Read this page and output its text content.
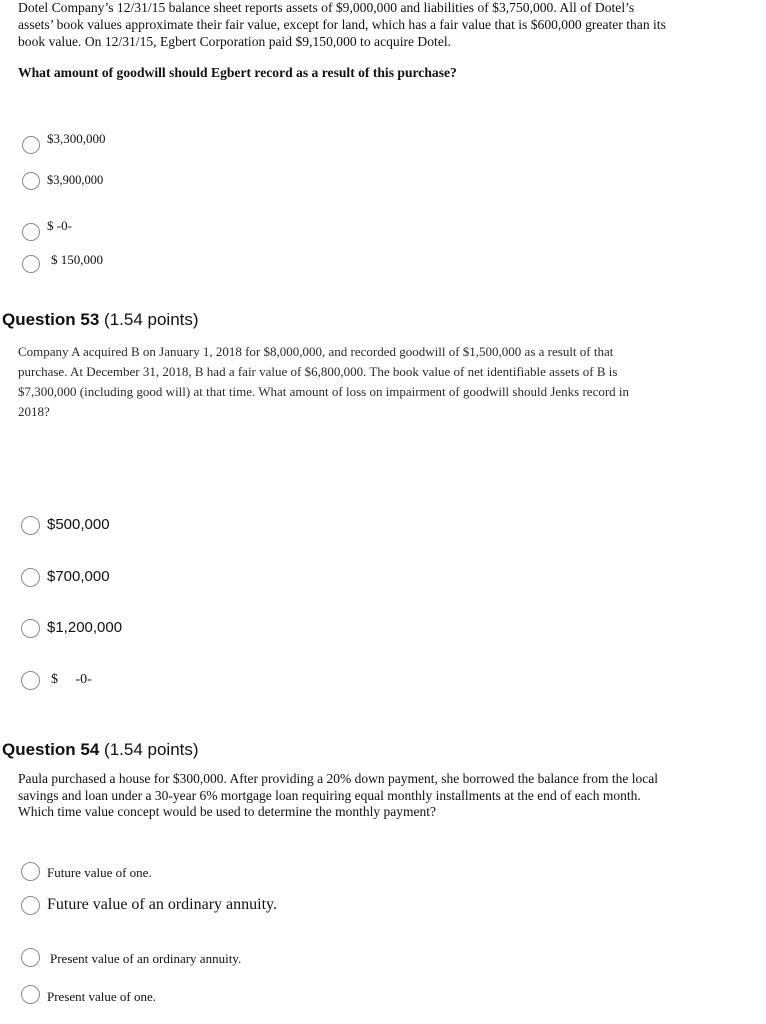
Dotel Company’s 12/31/15 balance sheet reports assets of $9,000,000 and liabilities of $3,750,000. All of Dotel’s assets’ book values approximate their fair value, except for land, which has a fair value that is $600,000 greater than its book value. On 12/31/15, Egbert Corporation paid $9,150,000 to acquire Dotel.

What amount of goodwill should Egbert record as a result of this purchase?

$3,300,000
$3,900,000
$ -0-
$ 150,000
Question 53 (1.54 points)

Company A acquired B on January 1, 2018 for $8,000,000, and recorded goodwill of $1,500,000 as a result of that purchase. At December 31, 2018, B had a fair value of $6,800,000. The book value of net identifiable assets of B is $7,300,000 (including good will) at that time. What amount of loss on impairment of goodwill should Jenks record in 2018?

$500,000
$700,000
$1,200,000
$     -0-
Question 54 (1.54 points)

Paula purchased a house for $300,000. After providing a 20% down payment, she borrowed the balance from the local savings and loan under a 30-year 6% mortgage loan requiring equal monthly installments at the end of each month. Which time value concept would be used to determine the monthly payment?

Future value of one.
Future value of an ordinary annuity.
Present value of an ordinary annuity.
Present value of one.
